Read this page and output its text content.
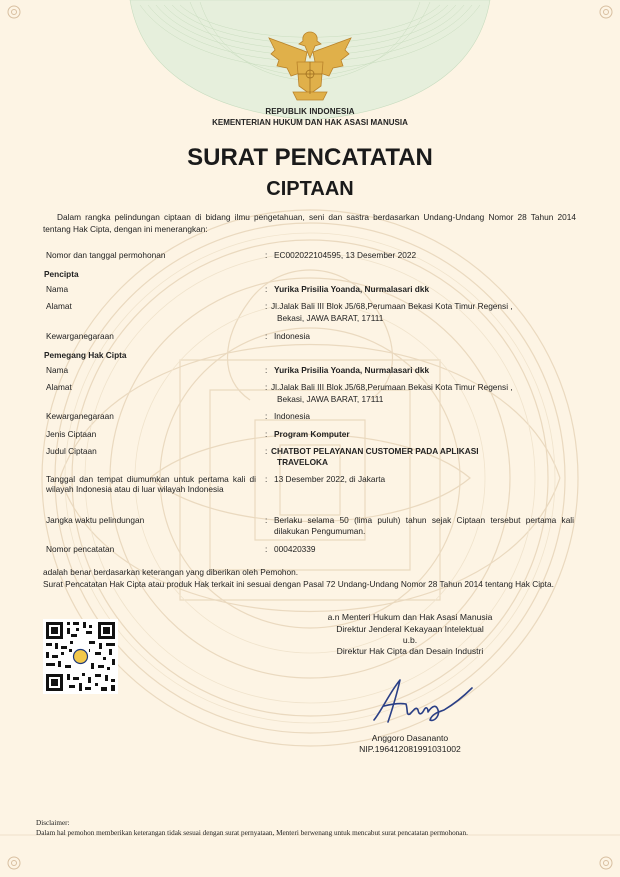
REPUBLIK INDONESIA
KEMENTERIAN HUKUM DAN HAK ASASI MANUSIA
SURAT PENCATATAN
CIPTAAN
Dalam rangka pelindungan ciptaan di bidang ilmu pengetahuan, seni dan sastra berdasarkan Undang-Undang Nomor 28 Tahun 2014 tentang Hak Cipta, dengan ini menerangkan:
Nomor dan tanggal permohonan	: EC002022104595, 13 Desember 2022
Pencipta
Nama	: Yurika Prisilia Yoanda, Nurmalasari dkk
Alamat	: Jl.Jalak Bali III Blok J5/68,Perumaan Bekasi Kota Timur Regensi ,
Bekasi, JAWA BARAT, 17111
Kewarganegaraan	: Indonesia
Pemegang Hak Cipta
Nama	: Yurika Prisilia Yoanda, Nurmalasari dkk
Alamat	: Jl.Jalak Bali III Blok J5/68,Perumaan Bekasi Kota Timur Regensi ,
Bekasi, JAWA BARAT, 17111
Kewarganegaraan	: Indonesia
Jenis Ciptaan	: Program Komputer
Judul Ciptaan	: CHATBOT PELAYANAN CUSTOMER PADA APLIKASI
TRAVELOKA
Tanggal dan tempat diumumkan untuk pertama kali di wilayah Indonesia atau di luar wilayah Indonesia
: 13 Desember 2022, di Jakarta
Jangka waktu pelindungan	: Berlaku selama 50 (lima puluh) tahun sejak Ciptaan tersebut pertama kali dilakukan Pengumuman.
Nomor pencatatan	: 000420339
adalah benar berdasarkan keterangan yang diberikan oleh Pemohon.
Surat Pencatatan Hak Cipta atau produk Hak terkait ini sesuai dengan Pasal 72 Undang-Undang Nomor 28 Tahun 2014 tentang Hak Cipta.
a.n Menteri Hukum dan Hak Asasi Manusia
Direktur Jenderal Kekayaan Intelektual
u.b.
Direktur Hak Cipta dan Desain Industri
Anggoro Dasananto
NIP.196412081991031002
Disclaimer:
Dalam hal pemohon memberikan keterangan tidak sesuai dengan surat pernyataan, Menteri berwenang untuk mencabut surat pencatatan permohonan.
